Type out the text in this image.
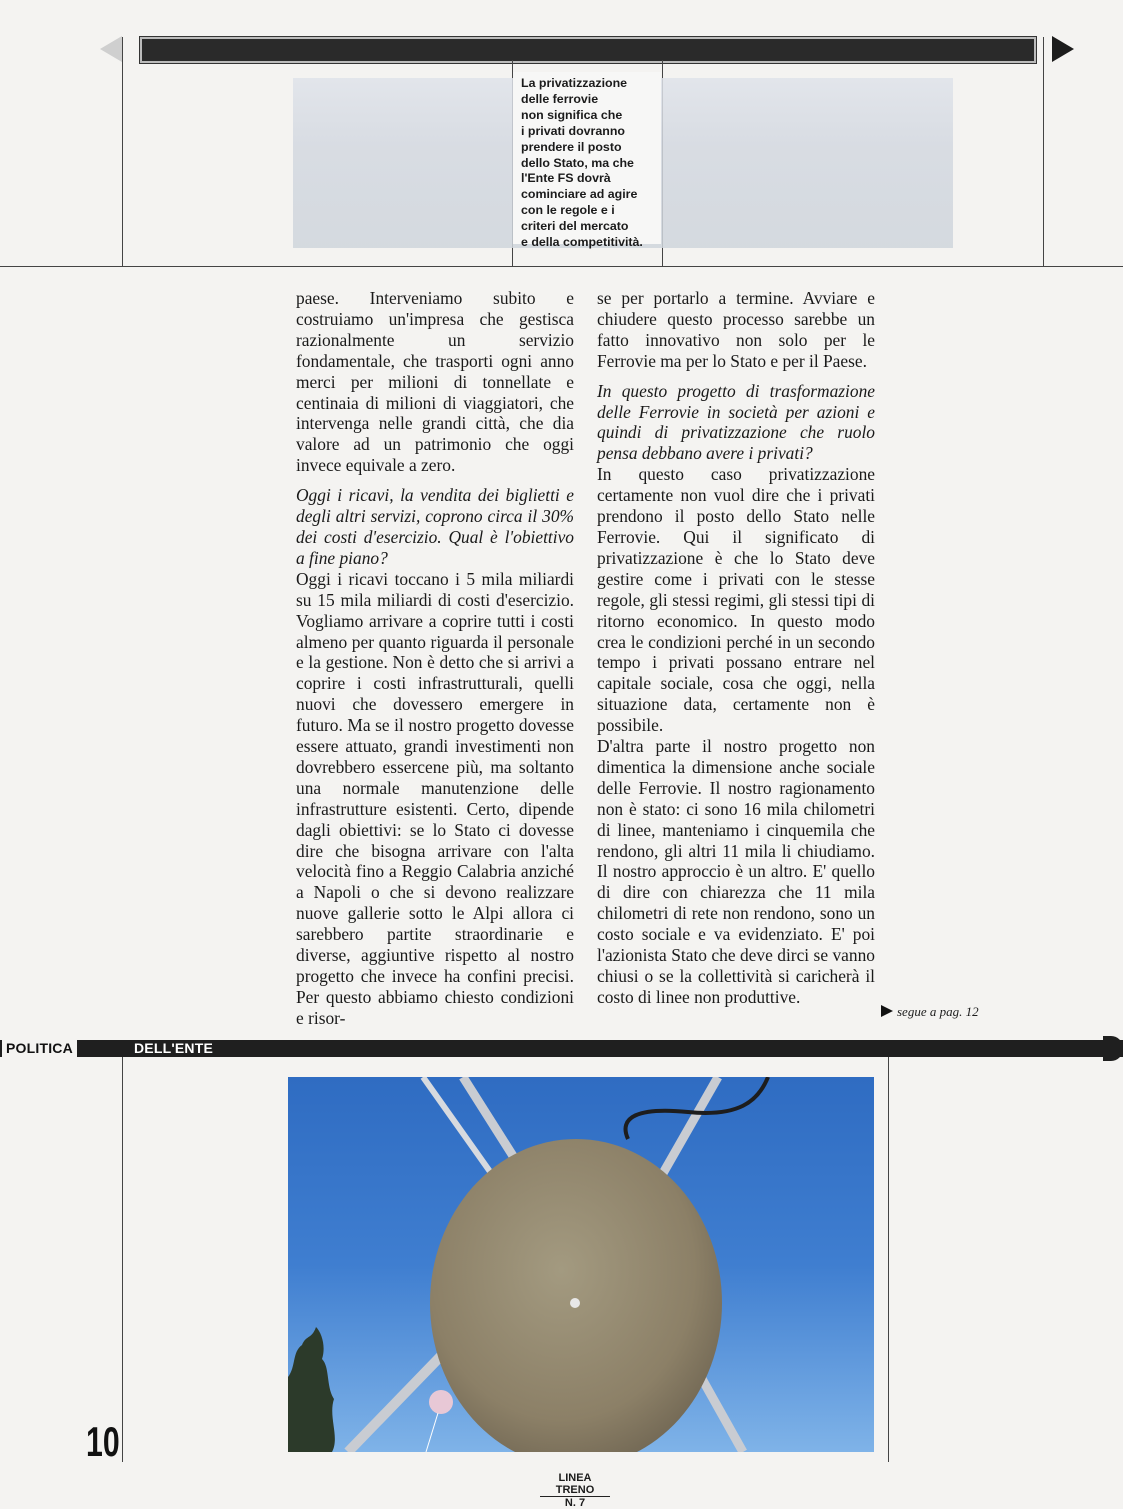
La privatizzazione
delle ferrovie
non significa che
i privati dovranno
prendere il posto
dello Stato, ma che
l'Ente FS dovrà
cominciare ad agire
con le regole e i
criteri del mercato
e della competitività.

paese. Interveniamo subito e costruiamo un'impresa che gestisca razionalmente un servizio fondamentale, che trasporti ogni anno merci per milioni di tonnellate e centinaia di milioni di viaggiatori, che intervenga nelle grandi città, che dia valore ad un patrimonio che oggi invece equivale a zero.

Oggi i ricavi, la vendita dei biglietti e degli altri servizi, coprono circa il 30% dei costi d'esercizio. Qual è l'obiettivo a fine piano?

Oggi i ricavi toccano i 5 mila miliardi su 15 mila miliardi di costi d'esercizio. Vogliamo arrivare a coprire tutti i costi almeno per quanto riguarda il personale e la gestione. Non è detto che si arrivi a coprire i costi infrastrutturali, quelli nuovi che dovessero emergere in futuro. Ma se il nostro progetto dovesse essere attuato, grandi investimenti non dovrebbero essercene più, ma soltanto una normale manutenzione delle infrastrutture esistenti. Certo, dipende dagli obiettivi: se lo Stato ci dovesse dire che bisogna arrivare con l'alta velocità fino a Reggio Calabria anziché a Napoli o che si devono realizzare nuove gallerie sotto le Alpi allora ci sarebbero partite straordinarie e diverse, aggiuntive rispetto al nostro progetto che invece ha confini precisi. Per questo abbiamo chiesto condizioni e risor-

se per portarlo a termine. Avviare e chiudere questo processo sarebbe un fatto innovativo non solo per le Ferrovie ma per lo Stato e per il Paese.

In questo progetto di trasformazione delle Ferrovie in società per azioni e quindi di privatizzazione che ruolo pensa debbano avere i privati?

In questo caso privatizzazione certamente non vuol dire che i privati prendono il posto dello Stato nelle Ferrovie. Qui il significato di privatizzazione è che lo Stato deve gestire come i privati con le stesse regole, gli stessi regimi, gli stessi tipi di ritorno economico. In questo modo crea le condizioni perché in un secondo tempo i privati possano entrare nel capitale sociale, cosa che oggi, nella situazione data, certamente non è possibile.

D'altra parte il nostro progetto non dimentica la dimensione anche sociale delle Ferrovie. Il nostro ragionamento non è stato: ci sono 16 mila chilometri di linee, manteniamo i cinquemila che rendono, gli altri 11 mila li chiudiamo. Il nostro approccio è un altro. E' quello di dire con chiarezza che 11 mila chilometri di rete non rendono, sono un costo sociale e va evidenziato. E' poi l'azionista Stato che deve dirci se vanno chiusi o se la collettività si caricherà il costo di linee non produttive.

segue a pag. 12
POLITICA	DELL'ENTE
10
LINEA TRENO
N. 7
